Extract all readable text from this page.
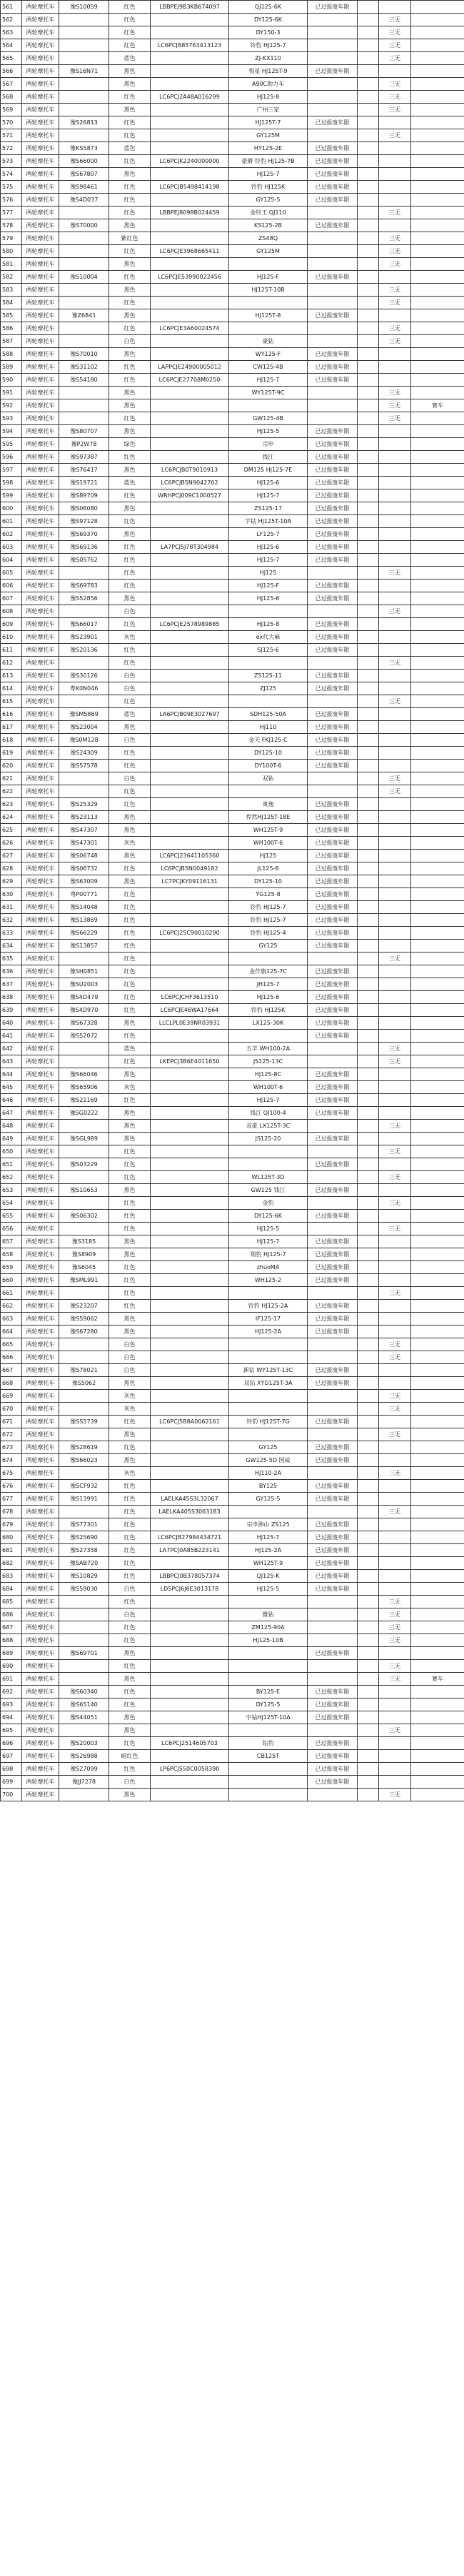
561	两轮摩托车	豫S10059	红色	LBBPEJ9B3KB674097	QJ125-6K	已过报废年限			
562	两轮摩托车		红色		DY125-6K			三无	
563	两轮摩托车		红色		DY150-3			三无	
564	两轮摩托车		红色	LC6PCJB85763413123	铃豹 HJ125-7			三无	
565	两轮摩托车		蓝色		ZJ-KX110			三无	
566	两轮摩托车	豫S16N71	黑色		悦星 HJ125T-9	已过报废年限			
567	两轮摩托车		黑色		A90C助力车			三无	
568	两轮摩托车		红色	LC6PCJ2A48A016299	HJ125-8			三无	
569	两轮摩托车		黑色		广州三家			三无	
570	两轮摩托车	豫S26813	红色		HJ125T-7	已过报废年限			
571	两轮摩托车		红色		GY125M			三无	
572	两轮摩托车	豫KS5873	蓝色		HY125-2E	已过报废年限			
573	两轮摩托车	豫S66000	红色	LC6PCJK2240000000	豪爵 铃豹 HJ125-7B	已过报废年限			
574	两轮摩托车	豫S67807	黑色		HJ125-7	已过报废年限			
575	两轮摩托车	豫S98461	红色	LC6PCJB5498414198	铃豹 HJ125K	已过报废年限			
576	两轮摩托车	豫S4D037	红色		GY125-5	已过报废年限			
577	两轮摩托车		红色	LBBPEJ8098B024459	金铃王 QJ110			三无	
578	两轮摩托车	豫S70000	黑色		KS125-2B	已过报废年限			
579	两轮摩托车		紫红色		ZS48Q			三无	
580	两轮摩托车		红色	LC6PCJE3968665411	GY125M			三无	
581	两轮摩托车		黑色					三无	
582	两轮摩托车	豫S10004	红色	LC6PCJE53990022456	HJ125-F	已过报废年限			
583	两轮摩托车		黑色		HJ125T-10B			三无	
584	两轮摩托车		红色					三无	
585	两轮摩托车	豫Z6841	黑色		HJ125T-8	已过报废年限			
586	两轮摩托车		红色	LC6PCJE3A60024574				三无	
587	两轮摩托车		白色		豪钻			三无	
588	两轮摩托车	豫S70010	黑色		WY125-F	已过报废年限			
589	两轮摩托车	豫S31102	红色	LAPPCJE24900005012	CW125-4B	已过报废年限			
590	两轮摩托车	豫S54180	红色	LC6PCJE27708M0250	HJ125-7	已过报废年限			
591	两轮摩托车		黑色		WY125T-9C			三无	
592	两轮摩托车		黑色					三无	赛车
593	两轮摩托车		红色		GW125-4B			三无	
594	两轮摩托车	豫S80707	黑色		HJ125-5	已过报废年限			
595	两轮摩托车	豫P2W78	绿色		宗申	已过报废年限			
596	两轮摩托车	豫S97387	红色		钱江	已过报废年限			
597	两轮摩托车	豫S76417	黑色	LC6PCJB0T9010913	DM125 HJ125-7E	已过报废年限			
598	两轮摩托车	豫S19721	蓝色	LC6PCJB5N9042702	HJ125-6	已过报废年限			
599	两轮摩托车	豫S89709	红色	WRHPCJ009C1000527	HJ125-7	已过报废年限			
600	两轮摩托车	豫S06080	黑色		ZS125-17	已过报废年限			
601	两轮摩托车	豫S97128	红色		宇钻 HJ125T-10A	已过报废年限			
602	两轮摩托车	豫S69370	黑色		LF125-7	已过报废年限			
603	两轮摩托车	豫S69136	红色	LA7PCJ5J78T304984	HJ125-6	已过报废年限			
604	两轮摩托车	豫S05762	红色		HJ125-7	已过报废年限			
605	两轮摩托车		红色		HJ125			三无	
606	两轮摩托车	豫S69783	红色		HJ125-F	已过报废年限			
607	两轮摩托车	豫S52856	黑色		HJ125-6	已过报废年限			
608	两轮摩托车		白色					三无	
609	两轮摩托车	豫S66017	红色	LC6PCJE2578989885	HJ125-8	已过报废年限			
610	两轮摩托车	豫S23901	灰色		ex代大麻	已过报废年限			
611	两轮摩托车	豫S20136	红色		SJ125-6	已过报废年限			
612	两轮摩托车		红色					三无	
613	两轮摩托车	豫S30126	白色		ZS125-11	已过报废年限			
614	两轮摩托车	粤K0N046	白色		ZJ125	已过报废年限			
615	两轮摩托车		红色					三无	
616	两轮摩托车	豫SM5869	蓝色	LA6PCJB09E3027697	SDH125-50A	已过报废年限			
617	两轮摩托车	豫S23004	黑色		HJ110	已过报废年限			
618	两轮摩托车	豫S0M128	白色		金天 FKJ125-C	已过报废年限			
619	两轮摩托车	豫S24309	红色		DY125-10	已过报废年限			
620	两轮摩托车	豫S57578	红色		DY100T-6	已过报废年限			
621	两轮摩托车		白色		双钻			三无	
622	两轮摩托车		红色					三无	
623	两轮摩托车	豫S25329	红色		爽逸	已过报废年限			
624	两轮摩托车	豫S23113	黑色		悍然HJ125T-18E	已过报废年限			
625	两轮摩托车	豫S47307	黑色		WH125T-9	已过报废年限			
626	两轮摩托车	豫S47301	灰色		WH100T-6	已过报废年限			
627	两轮摩托车	豫S06748	黑色	LC6PCJ23641105360	HJ125	已过报废年限			
628	两轮摩托车	豫S06732	红色	LC6PCJB5N0049182	JL125-8	已过报废年限			
629	两轮摩托车	豫S63009	黑色	LC7PCJKY09116131	DY125-10	已过报废年限			
630	两轮摩托车	粤P00771	红色		YG125-8	已过报废年限			
631	两轮摩托车	豫S14048	红色		铃豹 HJ125-7	已过报废年限			
632	两轮摩托车	豫S13869	红色		铃豹 HJ125-7	已过报废年限			
633	两轮摩托车	豫S66229	红色	LC6PCJ25C90010290	铃豹 HJ125-4	已过报废年限			
634	两轮摩托车	豫S13857	红色		GY125	已过报废年限			
635	两轮摩托车		红色					三无	
636	两轮摩托车	豫SH0851	红色		金作旗125-7C	已过报废年限			
637	两轮摩托车	豫SU2003	红色		JH125-7	已过报废年限			
638	两轮摩托车	豫S4D479	红色	LC6PCJCHF3613510	HJ125-6	已过报废年限			
639	两轮摩托车	豫S4D970	红色	LC6PCJE46WA17664	铃豹 HJ125K	已过报废年限			
640	两轮摩托车	豫S67328	黑色	LLCLPL0E39NR03931	LX125-30K	已过报废年限			
641	两轮摩托车	豫S52072	红色			已过报废年限			
642	两轮摩托车		蓝色		五羊 WH100-2A			三无	
643	两轮摩托车		红色	LKEPCJ3B6E4011650	JS125-13C			三无	
644	两轮摩托车	豫S66046	黑色		HJ125-8C	已过报废年限			
645	两轮摩托车	豫S65906	灰色		WH100T-6	已过报废年限			
646	两轮摩托车	豫S21169	红色		HJ125-7	已过报废年限			
647	两轮摩托车	豫SG0222	黑色		钱江 QJ100-4	已过报废年限			
648	两轮摩托车		黑色		双豪 LX125T-3C			三无	
649	两轮摩托车	豫SGL989	黑色		JS125-20	已过报废年限			
650	两轮摩托车		红色					三无	
651	两轮摩托车	豫S03229	红色			已过报废年限			
652	两轮摩托车		红色		WL125T-3D			三无	
653	两轮摩托车	豫S10653	黑色		GW125 钱江	已过报废年限			
654	两轮摩托车		红色		金豹			三无	
655	两轮摩托车	豫S06302	红色		DY125-6K	已过报废年限			
656	两轮摩托车		红色		HJ125-5			三无	
657	两轮摩托车	豫S3185	黑色		HJ125-7	已过报废年限			
658	两轮摩托车	豫S8909	黑色		翔豹 HJ125-7	已过报废年限			
659	两轮摩托车	豫S6045	红色		zhuoMA	已过报废年限			
660	两轮摩托车	豫SML991	红色		WH125-2	已过报废年限			
661	两轮摩托车		红色					三无	
662	两轮摩托车	豫S23207	红色		铃豹 HJ125-2A	已过报废年限			
663	两轮摩托车	豫S59062	黑色		IF125-17	已过报废年限			
664	两轮摩托车	豫S67280	黑色		HJ125-2A	已过报废年限			
665	两轮摩托车		白色					三无	
666	两轮摩托车		白色					三无	
667	两轮摩托车	豫S78021	白色		新钻 WY125T-13C	已过报废年限			
668	两轮摩托车	豫S5062	黑色		双钻 XYD125T-3A	已过报废年限			
669	两轮摩托车		灰色					三无	
670	两轮摩托车		灰色					三无	
671	两轮摩托车	豫SS5739	红色	LC6PCJ5B8A0062161	铃豹 HJ125T-7G	已过报废年限			
672	两轮摩托车		黑色					三无	
673	两轮摩托车	豫S28619	红色		GY125	已过报废年限			
674	两轮摩托车	豫S66023	黑色		GW125-5D 国威	已过报废年限			
675	两轮摩托车		灰色		HJ110-2A			三无	
676	两轮摩托车	豫SCF932	红色		BY125	已过报废年限			
677	两轮摩托车	豫S13991	红色	LAELKA45S3L32067	GY125-5	已过报废年限			
678	两轮摩托车		红色	LAELKA405S3063183				三无	
679	两轮摩托车	豫S77301	红色		宗申洲山 ZS125	已过报废年限			
680	两轮摩托车	豫S25690	红色	LC6PCJB27984434721	HJ125-7	已过报废年限			
681	两轮摩托车	豫S27358	红色	LA7PCJ0A85B223141	HJ125-2A	已过报废年限			
682	两轮摩托车	豫SAB720	红色		WH125T-9	已过报废年限			
683	两轮摩托车	豫S10829	红色	LBBPCJ0B378057374	QJ125-K	已过报废年限			
684	两轮摩托车	豫S59030	白色	LD5PCJ6J6E3013178	HJ125-5	已过报废年限			
685	两轮摩托车		红色					三无	
686	两轮摩托车		白色		雅钻			三无	
687	两轮摩托车		红色		ZM125-90A			三无	
688	两轮摩托车		红色		HJ125-10B			三无	
689	两轮摩托车	豫S69701	黑色			已过报废年限			
690	两轮摩托车		红色					三无	
691	两轮摩托车		黑色					三无	赛车
692	两轮摩托车	豫S60340	红色		BY125-E	已过报废年限			
693	两轮摩托车	豫S65140	红色		DY125-5	已过报废年限			
694	两轮摩托车	豫S44051	黑色		宇钻HJ125T-10A	已过报废年限			
695	两轮摩托车		黑色					三无	
696	两轮摩托车	豫S20003	红色	LC6PCJ2514605703	钻豹	已过报废年限			
697	两轮摩托车	豫S26988	暗红色		CB125T	已过报废年限			
698	两轮摩托车	豫S27099	红色	LP6PCJ5S0C0058390		已过报废年限			
699	两轮摩托车	豫JJ7278	白色			已过报废年限			
700	两轮摩托车		黑色					三无	
